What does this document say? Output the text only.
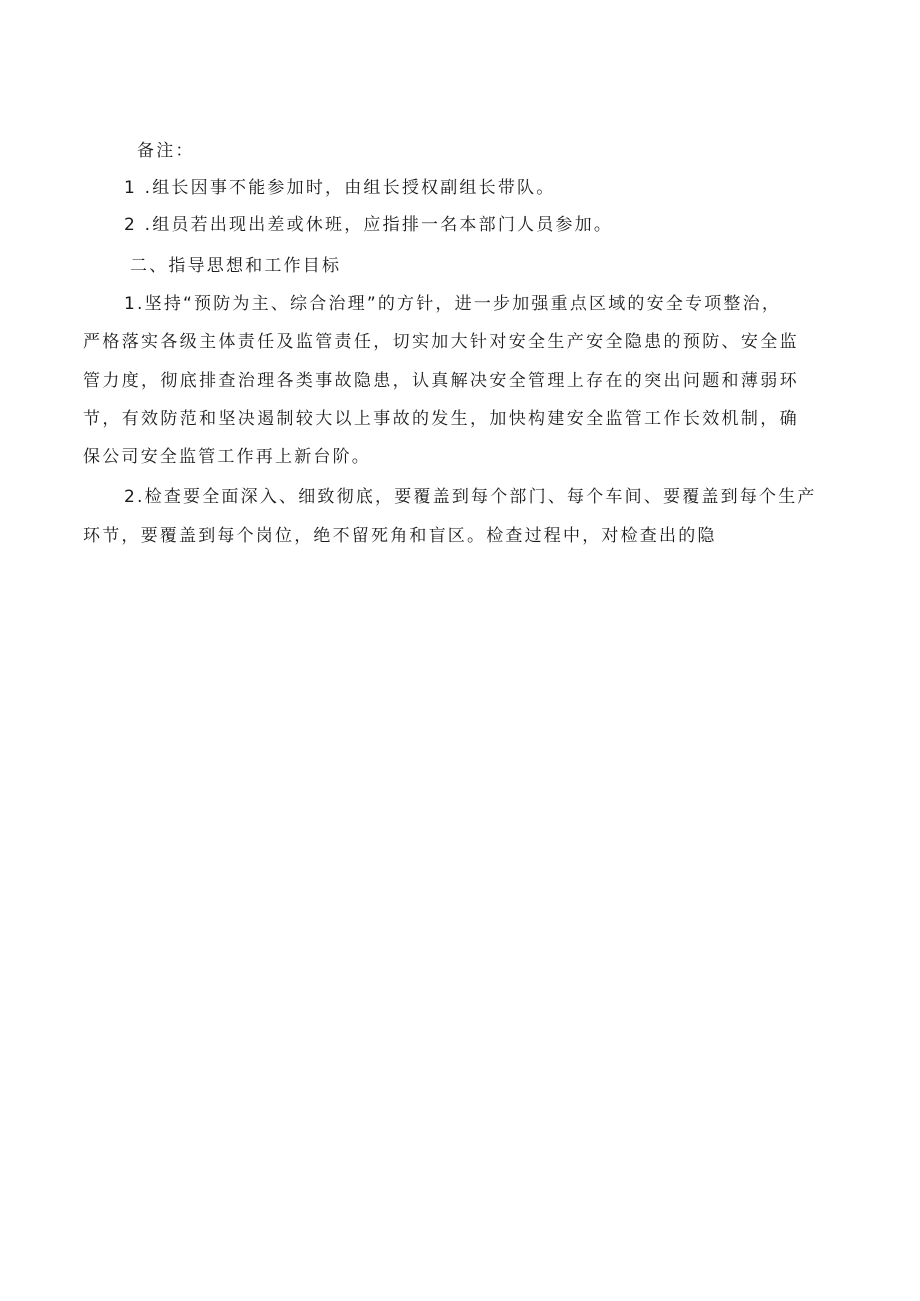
备注：
1 .组长因事不能参加时，由组长授权副组长带队。
2 .组员若出现出差或休班，应指排一名本部门人员参加。
二、指导思想和工作目标
1.坚持“预防为主、综合治理”的方针，进一步加强重点区域的安全专项整治，
严格落实各级主体责任及监管责任，切实加大针对安全生产安全隐患的预防、安全监
管力度，彻底排查治理各类事故隐患，认真解决安全管理上存在的突出问题和薄弱环
节，有效防范和坚决遏制较大以上事故的发生，加快构建安全监管工作长效机制，确
保公司安全监管工作再上新台阶。
2.检查要全面深入、细致彻底，要覆盖到每个部门、每个车间、要覆盖到每个生产
环节，要覆盖到每个岗位，绝不留死角和盲区。检查过程中，对检查出的隐
